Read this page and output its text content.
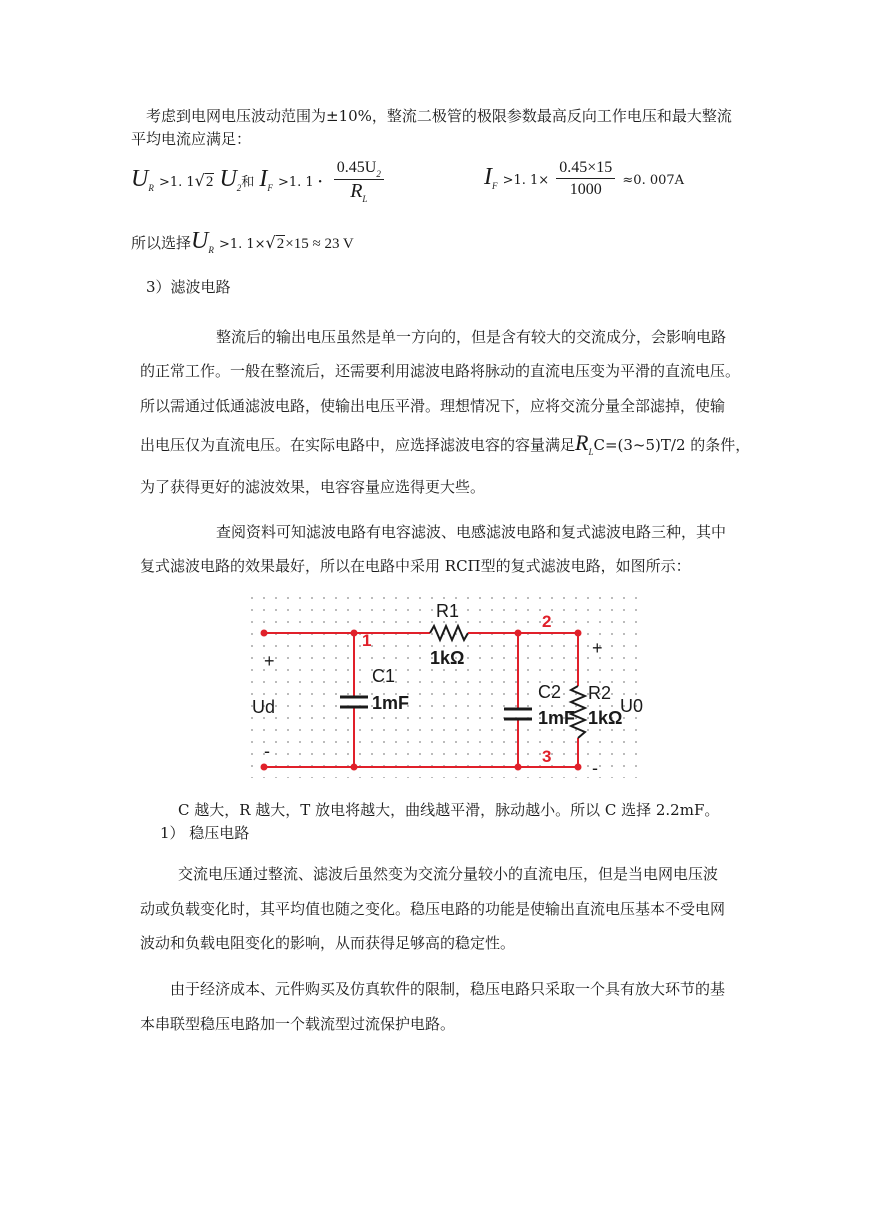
考虑到电网电压波动范围为±10%，整流二极管的极限参数最高反向工作电压和最大整流
平均电流应满足：
$U_R >1$. 1√2 $U_2$和 $I_F >1$. 1・ $\frac{0.45U_2}{R_L}$	$I_F >1$. $1\times \frac{0.45\times 15}{1000} \approx 0$. 007A
所以选择$U_R >1$. 1×√2×15 ≈ 23 V
3）滤波电路
整流后的输出电压虽然是单一方向的，但是含有较大的交流成分，会影响电路
的正常工作。一般在整流后，还需要利用滤波电路将脉动的直流电压变为平滑的直流电压。
所以需通过低通滤波电路，使输出电压平滑。理想情况下，应将交流分量全部滤掉，使输
出电压仅为直流电压。在实际电路中，应选择滤波电容的容量满足$R_LC=(3\sim 5)T/2$ 的条件，
为了获得更好的滤波效果，电容容量应选得更大些。
查阅资料可知滤波电路有电容滤波、电感滤波电路和复式滤波电路三种，其中
复式滤波电路的效果最好，所以在电路中采用 RCΠ型的复式滤波电路，如图所示：
R1
1kΩ
C1
1mF
C2
1mF
R2
1kΩ
1
2
3
+
Ud
-
+
U0
-
C 越大，R 越大，T 放电将越大，曲线越平滑，脉动越小。所以 C 选择 2.2mF。
1） 稳压电路
交流电压通过整流、滤波后虽然变为交流分量较小的直流电压，但是当电网电压波
动或负载变化时，其平均值也随之变化。稳压电路的功能是使输出直流电压基本不受电网
波动和负载电阻变化的影响，从而获得足够高的稳定性。
由于经济成本、元件购买及仿真软件的限制，稳压电路只采取一个具有放大环节的基
本串联型稳压电路加一个载流型过流保护电路。
